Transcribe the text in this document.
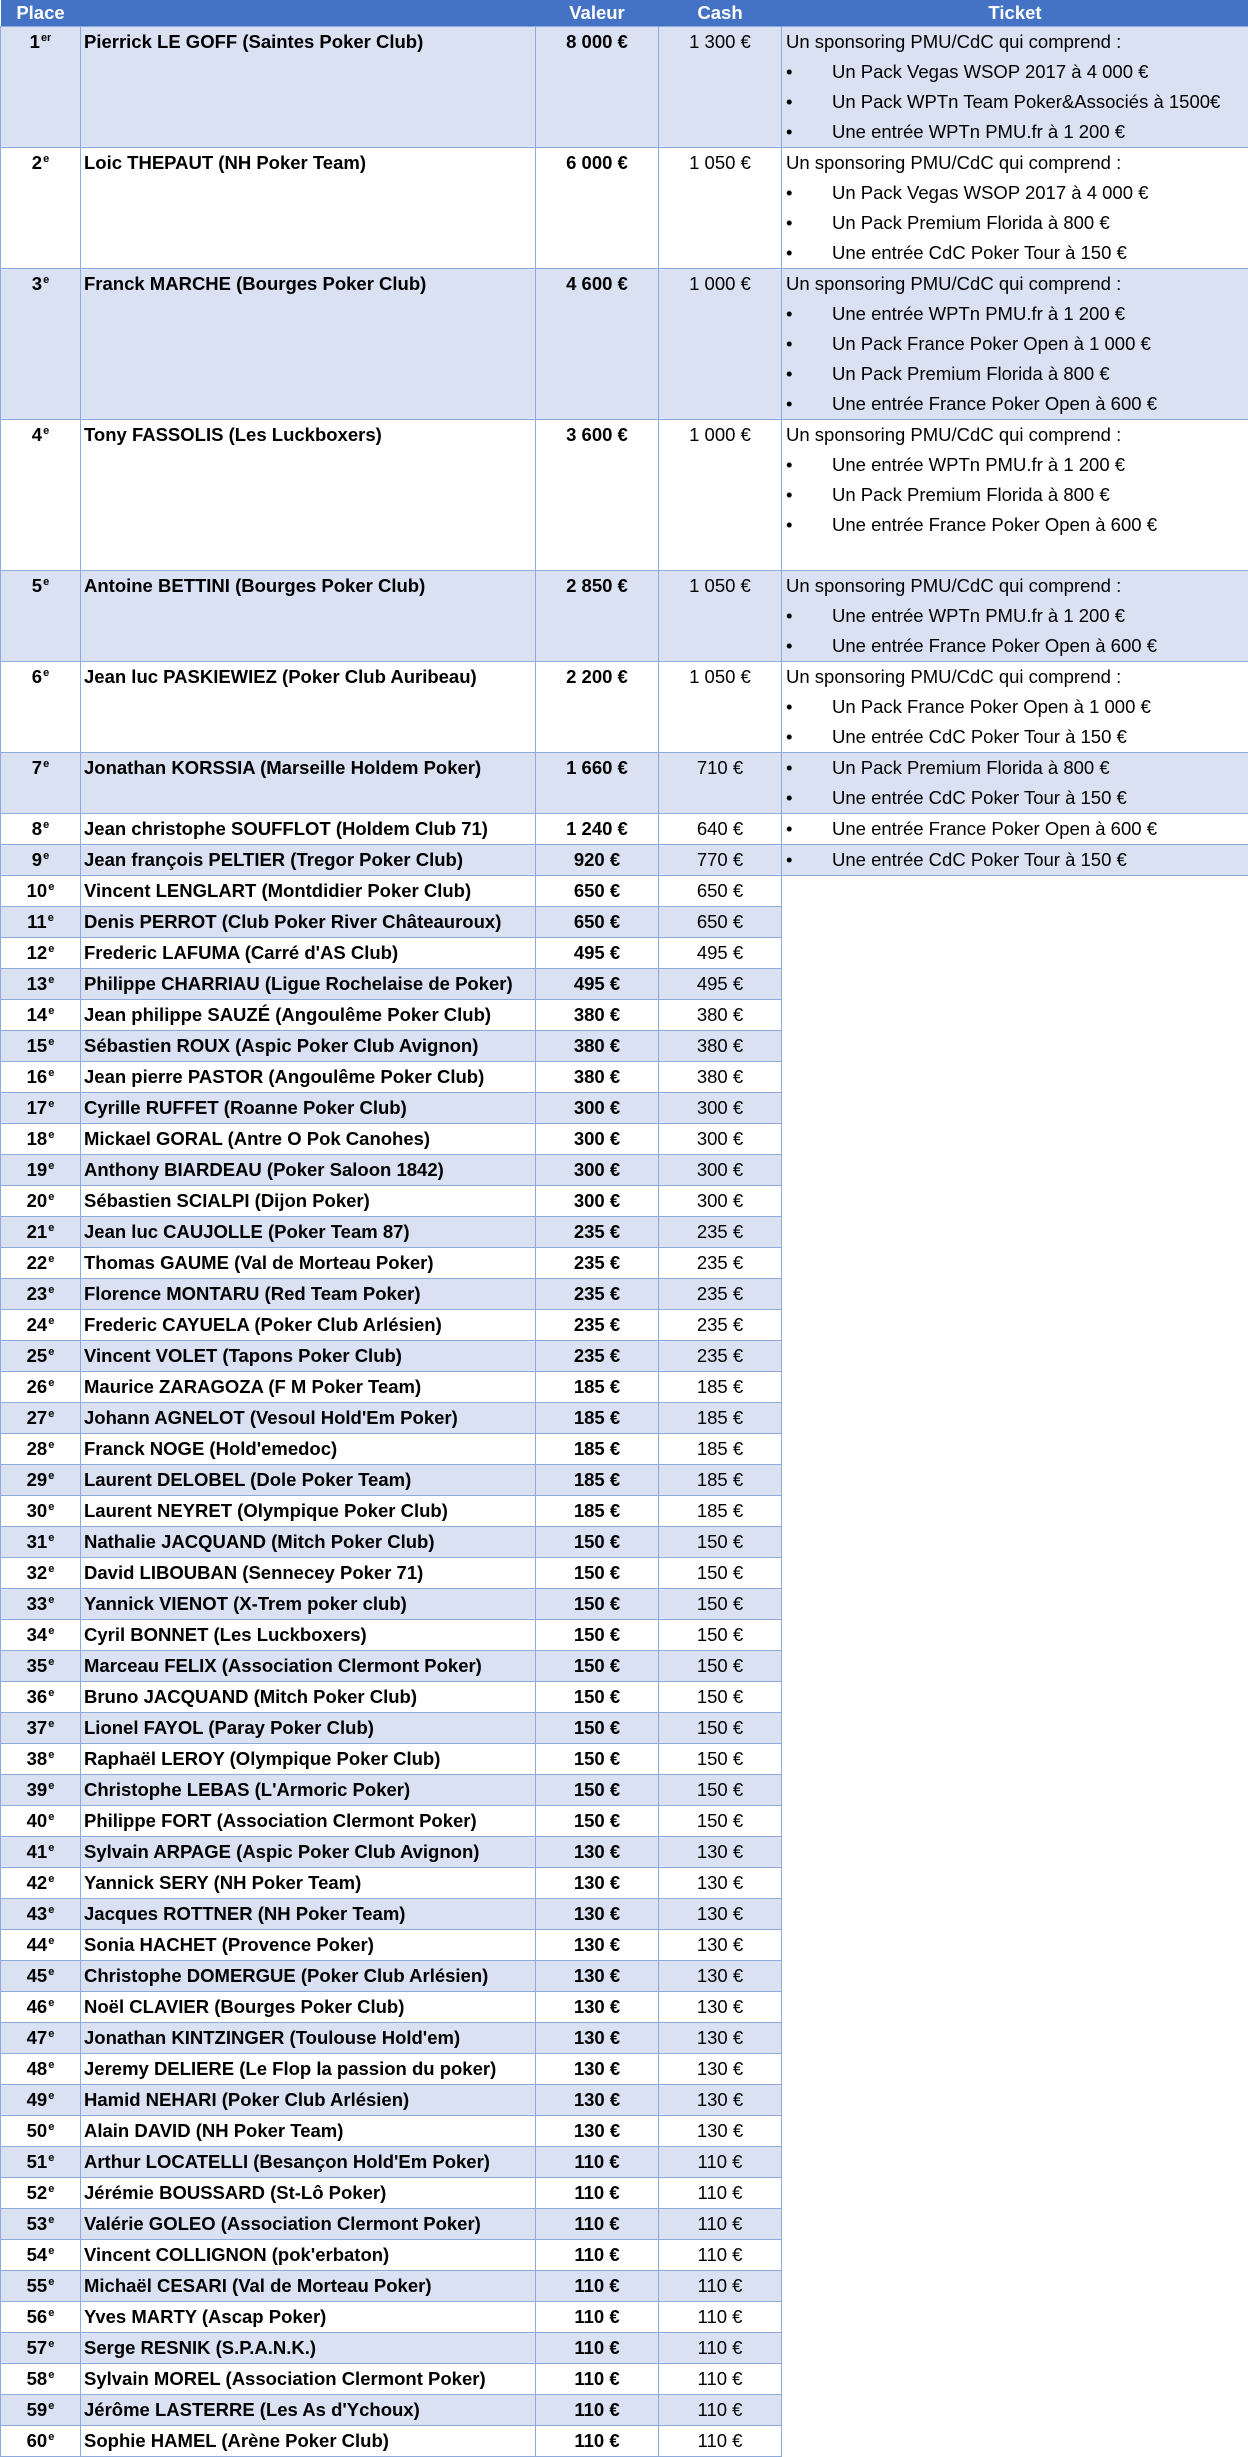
Place		Valeur	Cash	Ticket
1er	Pierrick LE GOFF (Saintes Poker Club)	8 000 €	1 300 €	Un sponsoring PMU/CdC qui comprend :
• Un Pack Vegas WSOP 2017 à 4 000 €
• Un Pack WPTn Team Poker&Associés à 1500€
• Une entrée WPTn PMU.fr à 1 200 €

2e	Loic THEPAUT (NH Poker Team)	6 000 €	1 050 €	Un sponsoring PMU/CdC qui comprend :
• Un Pack Vegas WSOP 2017 à 4 000 €
• Un Pack Premium Florida à 800 €
• Une entrée CdC Poker Tour à 150 €

3e	Franck MARCHE (Bourges Poker Club)	4 600 €	1 000 €	Un sponsoring PMU/CdC qui comprend :
• Une entrée WPTn PMU.fr à 1 200 €
• Un Pack France Poker Open à 1 000 €
• Un Pack Premium Florida à 800 €
• Une entrée France Poker Open à 600 €

4e	Tony FASSOLIS (Les Luckboxers)	3 600 €	1 000 €	Un sponsoring PMU/CdC qui comprend :
• Une entrée WPTn PMU.fr à 1 200 €
• Un Pack Premium Florida à 800 €
• Une entrée France Poker Open à 600 €

5e	Antoine BETTINI (Bourges Poker Club)	2 850 €	1 050 €	Un sponsoring PMU/CdC qui comprend :
• Une entrée WPTn PMU.fr à 1 200 €
• Une entrée France Poker Open à 600 €

6e	Jean luc PASKIEWIEZ (Poker Club Auribeau)	2 200 €	1 050 €	Un sponsoring PMU/CdC qui comprend :
• Un Pack France Poker Open à 1 000 €
• Une entrée CdC Poker Tour à 150 €

7e	Jonathan KORSSIA (Marseille Holdem Poker)	1 660 €	710 €	• Un Pack Premium Florida à 800 €
• Une entrée CdC Poker Tour à 150 €

8e	Jean christophe SOUFFLOT (Holdem Club 71)	1 240 €	640 €	• Une entrée France Poker Open à 600 €

9e	Jean françois PELTIER (Tregor Poker Club)	920 €	770 €	• Une entrée CdC Poker Tour à 150 €

10e	Vincent LENGLART (Montdidier Poker Club)	650 €	650 €	
11e	Denis PERROT (Club Poker River Châteauroux)	650 €	650 €	
12e	Frederic LAFUMA (Carré d'AS Club)	495 €	495 €	
13e	Philippe CHARRIAU (Ligue Rochelaise de Poker)	495 €	495 €	
14e	Jean philippe SAUZÉ (Angoulême Poker Club)	380 €	380 €	
15e	Sébastien ROUX (Aspic Poker Club Avignon)	380 €	380 €	
16e	Jean pierre PASTOR (Angoulême Poker Club)	380 €	380 €	
17e	Cyrille RUFFET (Roanne Poker Club)	300 €	300 €	
18e	Mickael GORAL (Antre O Pok Canohes)	300 €	300 €	
19e	Anthony BIARDEAU (Poker Saloon 1842)	300 €	300 €	
20e	Sébastien SCIALPI (Dijon Poker)	300 €	300 €	
21e	Jean luc CAUJOLLE (Poker Team 87)	235 €	235 €	
22e	Thomas GAUME (Val de Morteau Poker)	235 €	235 €	
23e	Florence MONTARU (Red Team Poker)	235 €	235 €	
24e	Frederic CAYUELA (Poker Club Arlésien)	235 €	235 €	
25e	Vincent VOLET (Tapons Poker Club)	235 €	235 €	
26e	Maurice ZARAGOZA (F M Poker Team)	185 €	185 €	
27e	Johann AGNELOT (Vesoul Hold'Em Poker)	185 €	185 €	
28e	Franck NOGE (Hold'emedoc)	185 €	185 €	
29e	Laurent DELOBEL (Dole Poker Team)	185 €	185 €	
30e	Laurent NEYRET (Olympique Poker Club)	185 €	185 €	
31e	Nathalie JACQUAND (Mitch Poker Club)	150 €	150 €	
32e	David LIBOUBAN (Sennecey Poker 71)	150 €	150 €	
33e	Yannick VIENOT (X-Trem poker club)	150 €	150 €	
34e	Cyril BONNET (Les Luckboxers)	150 €	150 €	
35e	Marceau FELIX (Association Clermont Poker)	150 €	150 €	
36e	Bruno JACQUAND (Mitch Poker Club)	150 €	150 €	
37e	Lionel FAYOL (Paray Poker Club)	150 €	150 €	
38e	Raphaël LEROY (Olympique Poker Club)	150 €	150 €	
39e	Christophe LEBAS (L'Armoric Poker)	150 €	150 €	
40e	Philippe FORT (Association Clermont Poker)	150 €	150 €	
41e	Sylvain ARPAGE (Aspic Poker Club Avignon)	130 €	130 €	
42e	Yannick SERY (NH Poker Team)	130 €	130 €	
43e	Jacques ROTTNER (NH Poker Team)	130 €	130 €	
44e	Sonia HACHET (Provence Poker)	130 €	130 €	
45e	Christophe DOMERGUE (Poker Club Arlésien)	130 €	130 €	
46e	Noël CLAVIER (Bourges Poker Club)	130 €	130 €	
47e	Jonathan KINTZINGER (Toulouse Hold'em)	130 €	130 €	
48e	Jeremy DELIERE (Le Flop la passion du poker)	130 €	130 €	
49e	Hamid NEHARI (Poker Club Arlésien)	130 €	130 €	
50e	Alain DAVID (NH Poker Team)	130 €	130 €	
51e	Arthur LOCATELLI (Besançon Hold'Em Poker)	110 €	110 €	
52e	Jérémie BOUSSARD (St-Lô Poker)	110 €	110 €	
53e	Valérie GOLEO (Association Clermont Poker)	110 €	110 €	
54e	Vincent COLLIGNON (pok'erbaton)	110 €	110 €	
55e	Michaël CESARI (Val de Morteau Poker)	110 €	110 €	
56e	Yves MARTY (Ascap Poker)	110 €	110 €	
57e	Serge RESNIK (S.P.A.N.K.)	110 €	110 €	
58e	Sylvain MOREL (Association Clermont Poker)	110 €	110 €	
59e	Jérôme LASTERRE (Les As d'Ychoux)	110 €	110 €	
60e	Sophie HAMEL (Arène Poker Club)	110 €	110 €	
